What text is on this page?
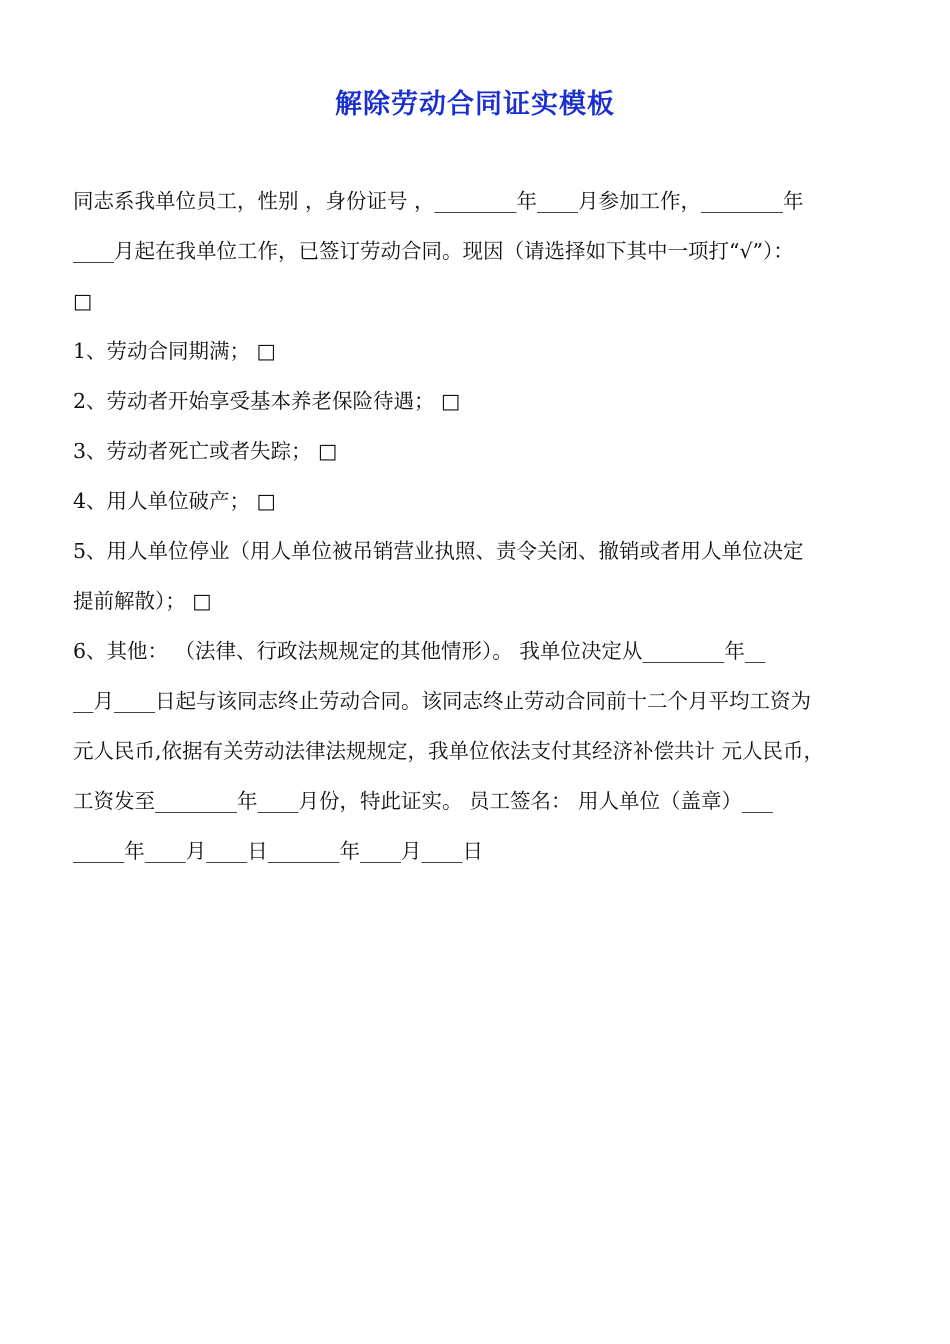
解除劳动合同证实模板
同志系我单位员工，性别 ，身份证号 ，________年____月参加工作，________年
____月起在我单位工作，已签订劳动合同。现因（请选择如下其中一项打“√”）：
□
1、劳动合同期满； □
2、劳动者开始享受基本养老保险待遇； □
3、劳动者死亡或者失踪； □
4、用人单位破产； □
5、用人单位停业（用人单位被吊销营业执照、责令关闭、撤销或者用人单位决定
提前解散）； □
6、其他： （法律、行政法规规定的其他情形）。 我单位决定从________年__
__月____日起与该同志终止劳动合同。该同志终止劳动合同前十二个月平均工资为
元人民币,依据有关劳动法律法规规定，我单位依法支付其经济补偿共计 元人民币，
工资发至________年____月份，特此证实。 员工签名： 用人单位（盖章）___
_____年____月____日_______年____月____日
